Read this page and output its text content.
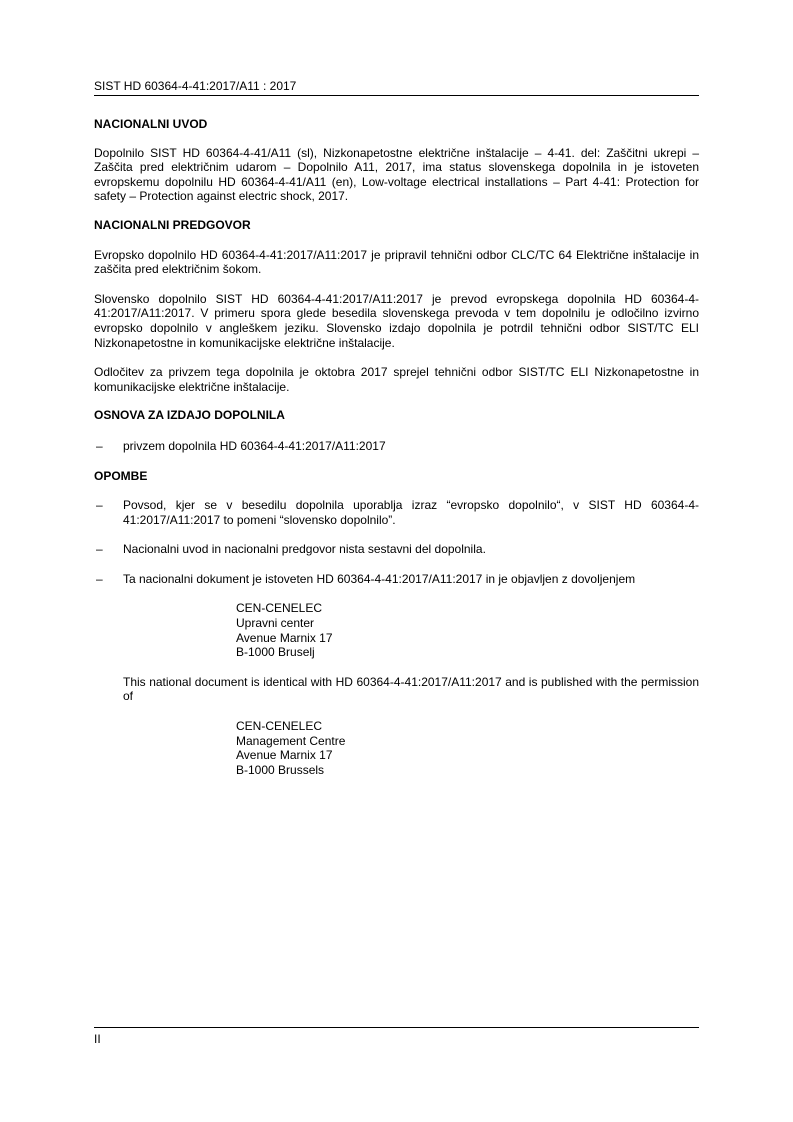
SIST HD 60364-4-41:2017/A11 : 2017
NACIONALNI UVOD

Dopolnilo SIST HD 60364-4-41/A11 (sl), Nizkonapetostne električne inštalacije – 4-41. del: Zaščitni ukrepi – Zaščita pred električnim udarom – Dopolnilo A11, 2017, ima status slovenskega dopolnila in je istoveten evropskemu dopolnilu HD 60364-4-41/A11 (en), Low-voltage electrical installations – Part 4-41: Protection for safety – Protection against electric shock, 2017.

NACIONALNI PREDGOVOR

Evropsko dopolnilo HD 60364-4-41:2017/A11:2017 je pripravil tehnični odbor CLC/TC 64 Električne inštalacije in zaščita pred električnim šokom.

Slovensko dopolnilo SIST HD 60364-4-41:2017/A11:2017 je prevod evropskega dopolnila HD 60364-4-41:2017/A11:2017. V primeru spora glede besedila slovenskega prevoda v tem dopolnilu je odločilno izvirno evropsko dopolnilo v angleškem jeziku. Slovensko izdajo dopolnila je potrdil tehnični odbor SIST/TC ELI Nizkonapetostne in komunikacijske električne inštalacije.

Odločitev za privzem tega dopolnila je oktobra 2017 sprejel tehnični odbor SIST/TC ELI Nizkonapetostne in komunikacijske električne inštalacije.

OSNOVA ZA IZDAJO DOPOLNILA
– privzem dopolnila HD 60364-4-41:2017/A11:2017
OPOMBE
– Povsod, kjer se v besedilu dopolnila uporablja izraz “evropsko dopolnilo“, v SIST HD 60364-4-41:2017/A11:2017 to pomeni “slovensko dopolnilo”.
– Nacionalni uvod in nacionalni predgovor nista sestavni del dopolnila.
– Ta nacionalni dokument je istoveten HD 60364-4-41:2017/A11:2017 in je objavljen z dovoljenjem
CEN-CENELEC
Upravni center
Avenue Marnix 17
B-1000 Bruselj

This national document is identical with HD 60364-4-41:2017/A11:2017 and is published with the permission of

CEN-CENELEC
Management Centre
Avenue Marnix 17
B-1000 Brussels
II
